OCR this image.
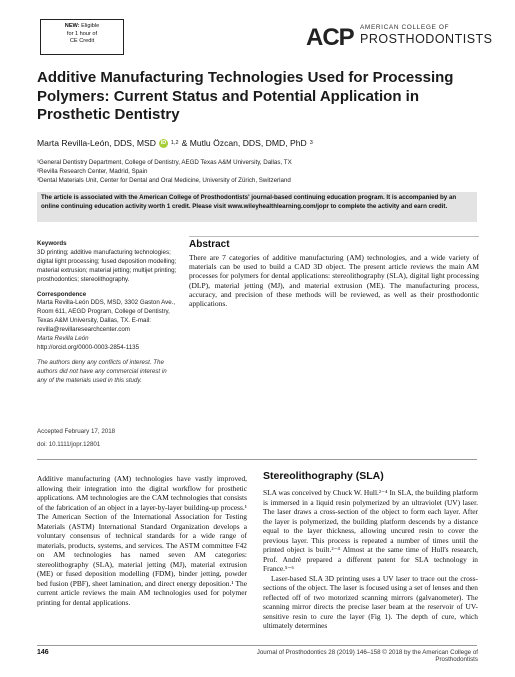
NEW: Eligible
for 1 hour of
CE Credit	ACP AMERICAN COLLEGE OF
PROSTHODONTISTS
Additive Manufacturing Technologies Used for Processing Polymers: Current Status and Potential Application in Prosthetic Dentistry
Marta Revilla-León, DDS, MSD iD 1,2 & Mutlu Özcan, DDS, DMD, PhD 3
¹General Dentistry Department, College of Dentistry, AEGD Texas A&M University, Dallas, TX
²Revilla Research Center, Madrid, Spain
³Dental Materials Unit, Center for Dental and Oral Medicine, University of Zürich, Switzerland
The article is associated with the American College of Prosthodontists' journal-based continuing education program. It is accompanied by an online continuing education activity worth 1 credit. Please visit www.wileyhealthlearning.com/jopr to complete the activity and earn credit.
Keywords
3D printing; additive manufacturing technologies; digital light processing; fused deposition modelling; material extrusion; material jetting; multijet printing; prosthodontics; stereolithography.
Correspondence
Marta Revilla-León DDS, MSD, 3302 Gaston Ave., Room 611, AEGD Program, College of Dentistry, Texas A&M University, Dallas, TX. E-mail: revilla@revillaresearchcenter.com
Marta Revilla León
http://orcid.org/0000-0003-2854-1135
The authors deny any conflicts of interest. The authors did not have any commercial interest in any of the materials used in this study.
Abstract

There are 7 categories of additive manufacturing (AM) technologies, and a wide variety of materials can be used to build a CAD 3D object. The present article reviews the main AM processes for polymers for dental applications: stereolithography (SLA), digital light processing (DLP), material jetting (MJ), and material extrusion (ME). The manufacturing process, accuracy, and precision of these methods will be reviewed, as well as their prosthodontic applications.

Accepted February 17, 2018
doi: 10.1111/jopr.12801

Additive manufacturing (AM) technologies have vastly improved, allowing their integration into the digital workflow for prosthetic applications. AM technologies are the CAM technologies that consists of the fabrication of an object in a layer-by-layer building-up process.¹ The American Section of the International Association for Testing Materials (ASTM) International Standard Organization develops a voluntary consensus of technical standards for a wide range of materials, products, systems, and services. The ASTM committee F42 on AM technologies has named seven AM categories: stereolithography (SLA), material jetting (MJ), material extrusion (ME) or fused deposition modelling (FDM), binder jetting, powder bed fusion (PBF), sheet lamination, and direct energy deposition.¹ The current article reviews the main AM technologies used for polymer printing for dental applications.

Stereolithography (SLA)

SLA was conceived by Chuck W. Hull.²⁻⁴ In SLA, the building platform is immersed in a liquid resin polymerized by an ultraviolet (UV) laser. The laser draws a cross-section of the object to form each layer. After the layer is polymerized, the building platform descends by a distance equal to the layer thickness, allowing uncured resin to cover the previous layer. This process is repeated a number of times until the printed object is built.²⁻⁴ Almost at the same time of Hull's research, Prof. André prepared a different patent for SLA technology in France.⁵⁻⁶

Laser-based SLA 3D printing uses a UV laser to trace out the cross-sections of the object. The laser is focused using a set of lenses and then reflected off of two motorized scanning mirrors (galvanometer). The scanning mirror directs the precise laser beam at the reservoir of UV-sensitive resin to cure the layer (Fig 1). The depth of cure, which ultimately determines

146	Journal of Prosthodontics 28 (2019) 146–158 © 2018 by the American College of Prosthodontists
